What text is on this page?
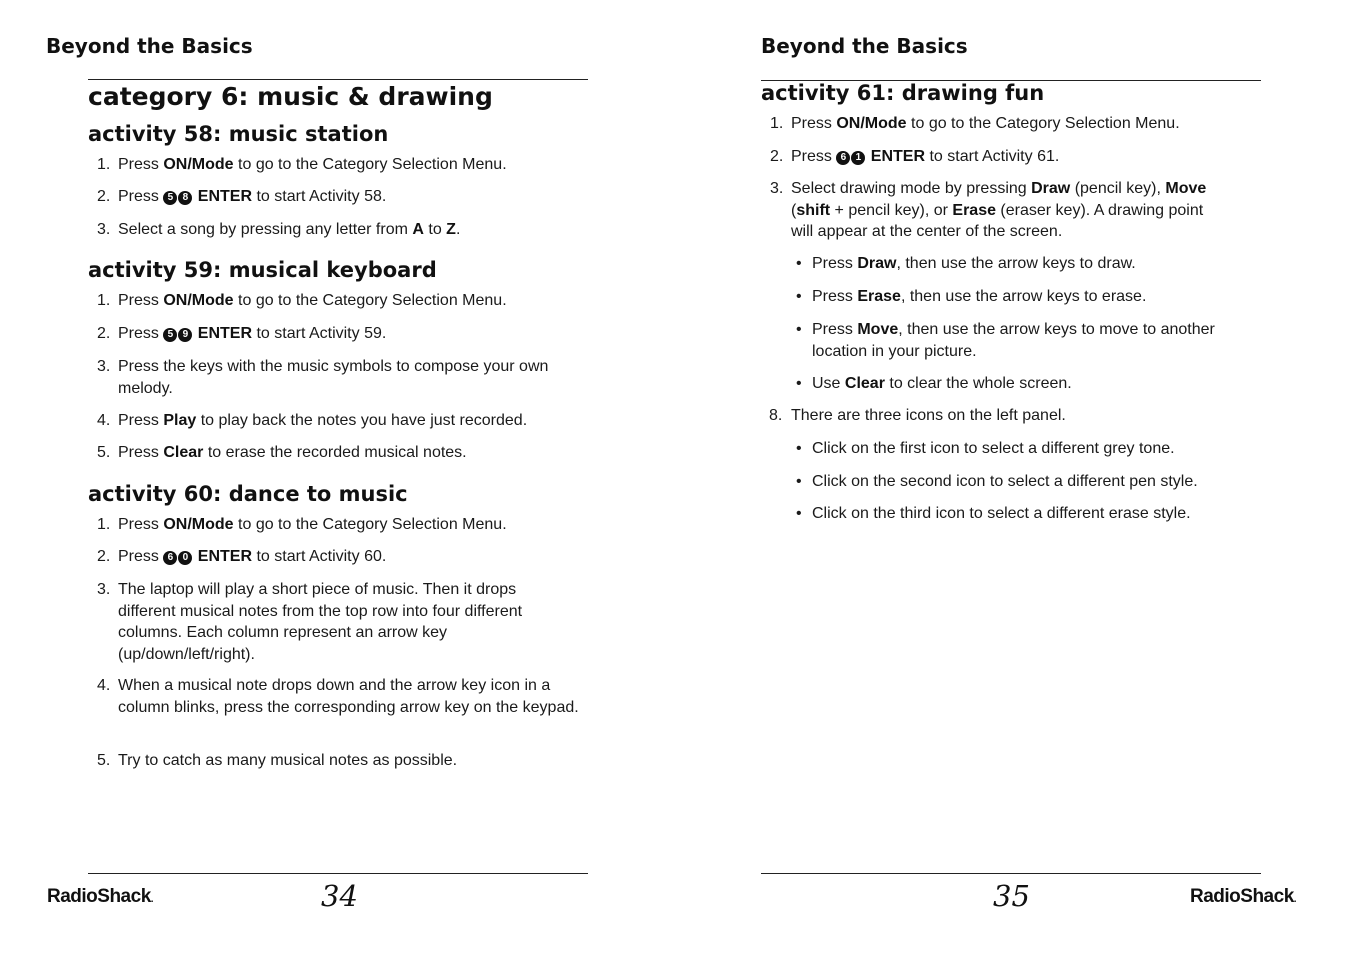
Beyond the Basics
category 6: music & drawing
activity 58: music station
1. Press ON/Mode to go to the Category Selection Menu.
2. Press 5 8 ENTER to start Activity 58.
3. Select a song by pressing any letter from A to Z.
activity 59: musical keyboard
1. Press ON/Mode to go to the Category Selection Menu.
2. Press 5 9 ENTER to start Activity 59.
3. Press the keys with the music symbols to compose your own melody.
4. Press Play to play back the notes you have just recorded.
5. Press Clear to erase the recorded musical notes.
activity 60: dance to music
1. Press ON/Mode to go to the Category Selection Menu.
2. Press 6 0 ENTER to start Activity 60.
3. The laptop will play a short piece of music. Then it drops different musical notes from the top row into four different columns. Each column represent an arrow key (up/down/left/right).
4. When a musical note drops down and the arrow key icon in a column blinks, press the corresponding arrow key on the keypad.
5. Try to catch as many musical notes as possible.
RadioShack.	34
Beyond the Basics
activity 61: drawing fun
1. Press ON/Mode to go to the Category Selection Menu.
2. Press 6 1 ENTER to start Activity 61.
3. Select drawing mode by pressing Draw (pencil key), Move (shift + pencil key), or Erase (eraser key). A drawing point will appear at the center of the screen.
• Press Draw, then use the arrow keys to draw.
• Press Erase, then use the arrow keys to erase.
• Press Move, then use the arrow keys to move to another location in your picture.
• Use Clear to clear the whole screen.
8. There are three icons on the left panel.
• Click on the first icon to select a different grey tone.
• Click on the second icon to select a different pen style.
• Click on the third icon to select a different erase style.
35	RadioShack.
